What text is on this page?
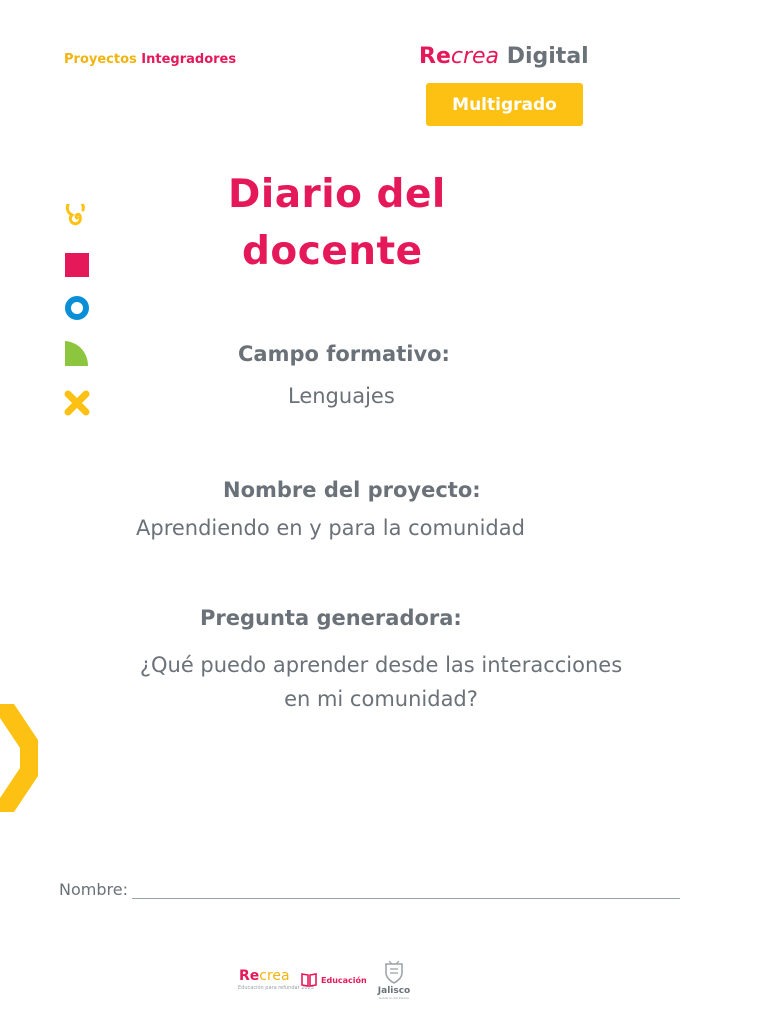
Proyectos Integradores	Recrea Digital
Multigrado
Diario del
docente
Campo formativo:
Lenguajes
Nombre del proyecto:
Aprendiendo en y para la comunidad
Pregunta generadora:
¿Qué puedo aprender desde las interacciones
en mi comunidad?
Nombre:
Recrea
Educación para refundar 2023
Educación
Jalisco
Gobierno del Estado
